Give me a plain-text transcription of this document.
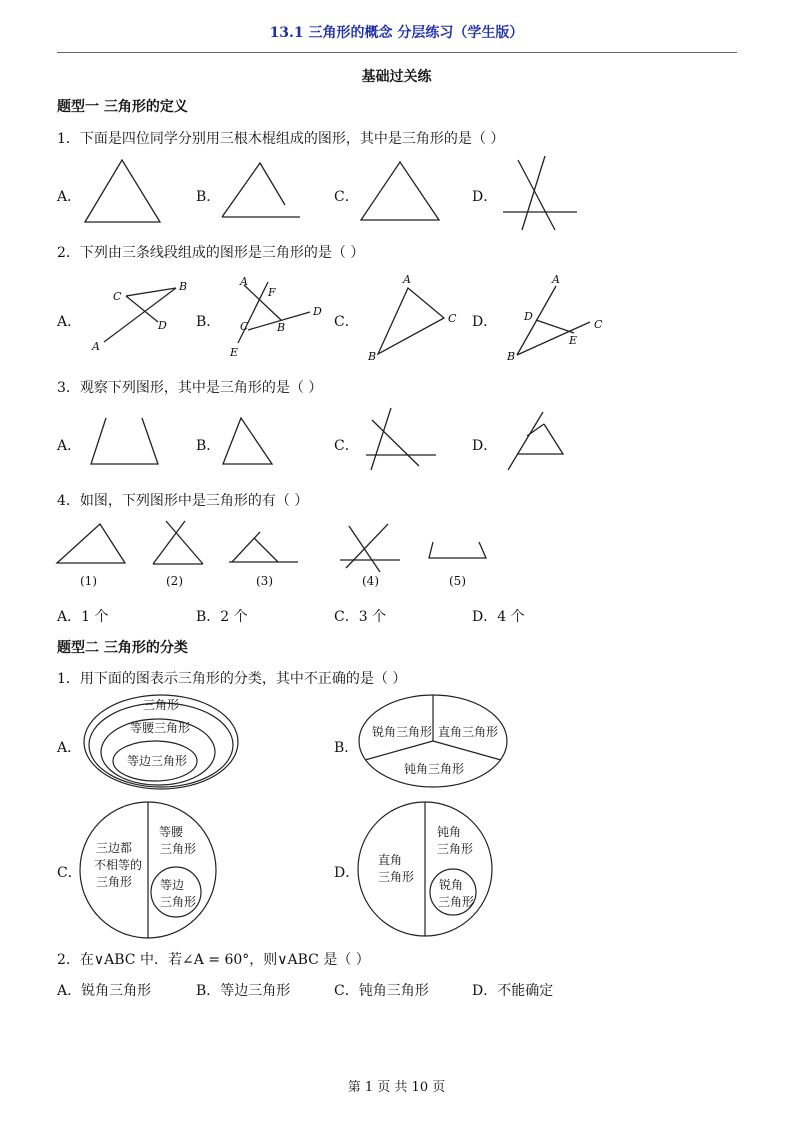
13.1 三角形的概念 分层练习（学生版）
基础过关练
题型一 三角形的定义
1．下面是四位同学分别用三根木棍组成的图形，其中是三角形的是（ ）
A．	B．	C．	D．
2．下列由三条线段组成的图形是三角形的是（ ）
A．	B．	C．	D．
C
B
D
A
A
F
D
C	B
E
A
C
B
A
D
C
E
B
3．观察下列图形，其中是三角形的是（ ）
A．	B．	C．	D．
4．如图，下列图形中是三角形的有（ ）
(1)	(2)	(3)	(4)	(5)
A．1 个	B．2 个	C．3 个	D．4 个
题型二 三角形的分类
1．用下面的图表示三角形的分类，其中不正确的是（ ）
A．	B．
C．	D．
三角形
等腰三角形
等边三角形
锐角三角形 直角三角形
钝角三角形
三边都
不相等的
三角形
等腰
三角形
等边
三角形
直角
三角形
钝角
三角形
锐角
三角形
2．在∨ABC 中．若∠A = 60°，则∨ABC 是（ ）
A．锐角三角形	B．等边三角形	C．钝角三角形	D．不能确定
第 1 页 共 10 页
